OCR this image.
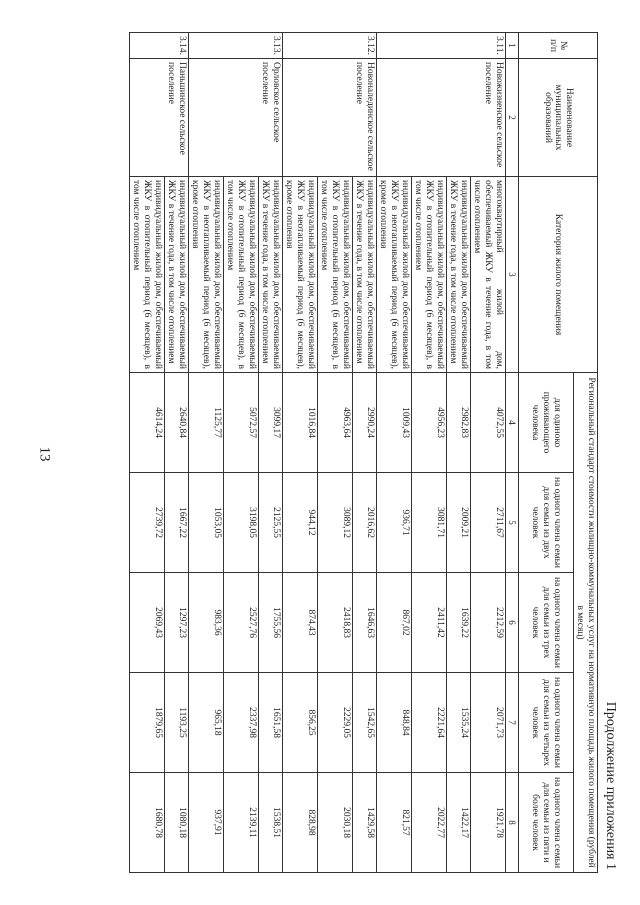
13
Продолжение приложения 1
№ п/п	Наименование муниципальных образований	Категория жилого помещения	Региональный стандарт стоимости жилищно-коммунальных услуг на нормативную площадь жилого помещения (рублей в месяц)				
			для одиноко проживающего человека	на одного члена семьи для семьи из двух человек	на одного члена семьи для семьи из трех человек	на одного члена семьи для семьи из четырех человек	на одного члена семьи для семьи из пяти и более человек
1	2	3	4	5	6	7	8
3.11.	Новожизненское сельское поселение	многоквартирный жилой дом, обеспечиваемый ЖКУ в течение года, в том числе отоплением	4072,55	2711,67	2212,59	2071,73	1921,78
		индивидуальный жилой дом, обеспечиваемый ЖКУ в течение года, в том числе отоплением	2982,83	2009,21	1639,22	1535,24	1422,17
		индивидуальный жилой дом, обеспечиваемый ЖКУ в отопительный период (6 месяцев), в том числе отоплением	4956,23	3081,71	2411,42	2221,64	2022,77
		индивидуальный жилой дом, обеспечиваемый ЖКУ в неотапливаемый период (6 месяцев), кроме отопления	1009,43	936,71	867,02	848,84	821,57
3.12.	Новоналединское сельское поселение	индивидуальный жилой дом, обеспечиваемый ЖКУ в течение года, в том числе отоплением	2990,24	2016,62	1646,63	1542,65	1429,58
		индивидуальный жилой дом, обеспечиваемый ЖКУ в отопительный период (6 месяцев), в том числе отоплением	4963,64	3089,12	2418,83	2229,05	2030,18
		индивидуальный жилой дом, обеспечиваемый ЖКУ в неотапливаемый период (6 месяцев), кроме отопления	1016,84	944,12	874,43	856,25	828,98
3.13.	Орловское сельское поселение	индивидуальный жилой дом, обеспечиваемый ЖКУ в течение года, в том числе отоплением	3099,17	2125,55	1755,56	1651,58	1538,51
		индивидуальный жилой дом, обеспечиваемый ЖКУ в отопительный период (6 месяцев), в том числе отоплением	5072,57	3198,05	2527,76	2337,98	2139,11
		индивидуальный жилой дом, обеспечиваемый ЖКУ в неотапливаемый период (6 месяцев), кроме отопления	1125,77	1053,05	983,36	965,18	937,91
3.14.	Паньшинское сельское поселение	индивидуальный жилой дом, обеспечиваемый ЖКУ в течение года, в том числе отоплением	2640,84	1667,22	1297,23	1193,25	1080,18
		индивидуальный жилой дом, обеспечиваемый ЖКУ в отопительный период (6 месяцев), в том числе отоплением	4614,24	2739,72	2069,43	1879,65	1680,78
